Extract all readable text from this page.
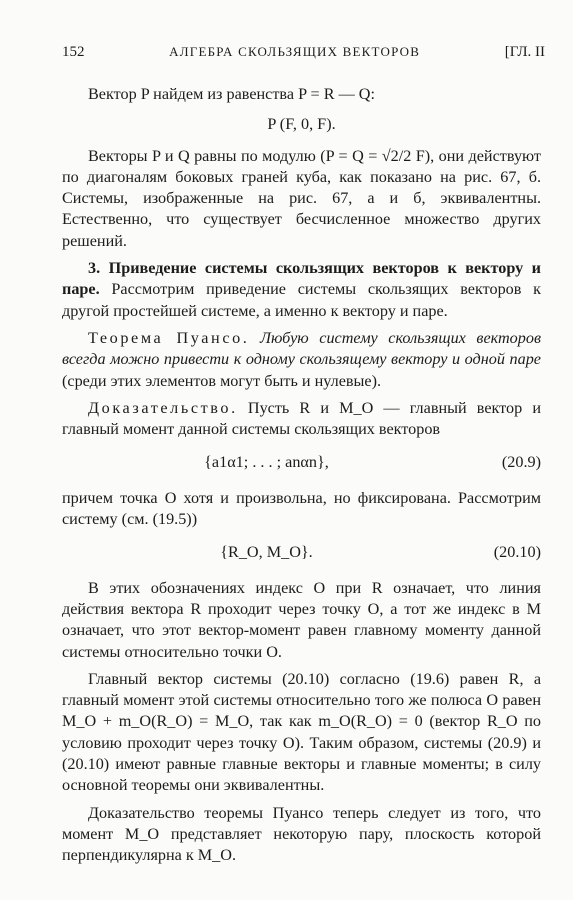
152	АЛГЕБРА СКОЛЬЗЯЩИХ ВЕКТОРОВ	[ГЛ. II

Вектор P найдем из равенства P = R — Q:

P (F, 0, F).

Векторы P и Q равны по модулю (P = Q = √2/2 F), они действуют по диагоналям боковых граней куба, как показано на рис. 67, б. Системы, изображенные на рис. 67, а и б, эквивалентны. Естественно, что существует бесчисленное множество других решений.

3. Приведение системы скользящих векторов к вектору и паре. Рассмотрим приведение системы скользящих векторов к другой простейшей системе, а именно к вектору и паре.

Теорема Пуансо. Любую систему скользящих векторов всегда можно привести к одному скользящему вектору и одной паре (среди этих элементов могут быть и нулевые).

Доказательство. Пусть R и M_O — главный вектор и главный момент данной системы скользящих векторов

{a1α1; . . . ; anαn},	(20.9)

причем точка O хотя и произвольна, но фиксирована. Рассмотрим систему (см. (19.5))

{R_O, M_O}.	(20.10)

В этих обозначениях индекс O при R означает, что линия действия вектора R проходит через точку O, а тот же индекс в M означает, что этот вектор-момент равен главному моменту данной системы относительно точки O.

Главный вектор системы (20.10) согласно (19.6) равен R, а главный момент этой системы относительно того же полюса O равен M_O + m_O(R_O) = M_O, так как m_O(R_O) = 0 (вектор R_O по условию проходит через точку O). Таким образом, системы (20.9) и (20.10) имеют равные главные векторы и главные моменты; в силу основной теоремы они эквивалентны.

Доказательство теоремы Пуансо теперь следует из того, что момент M_O представляет некоторую пару, плоскость которой перпендикулярна к M_O.
